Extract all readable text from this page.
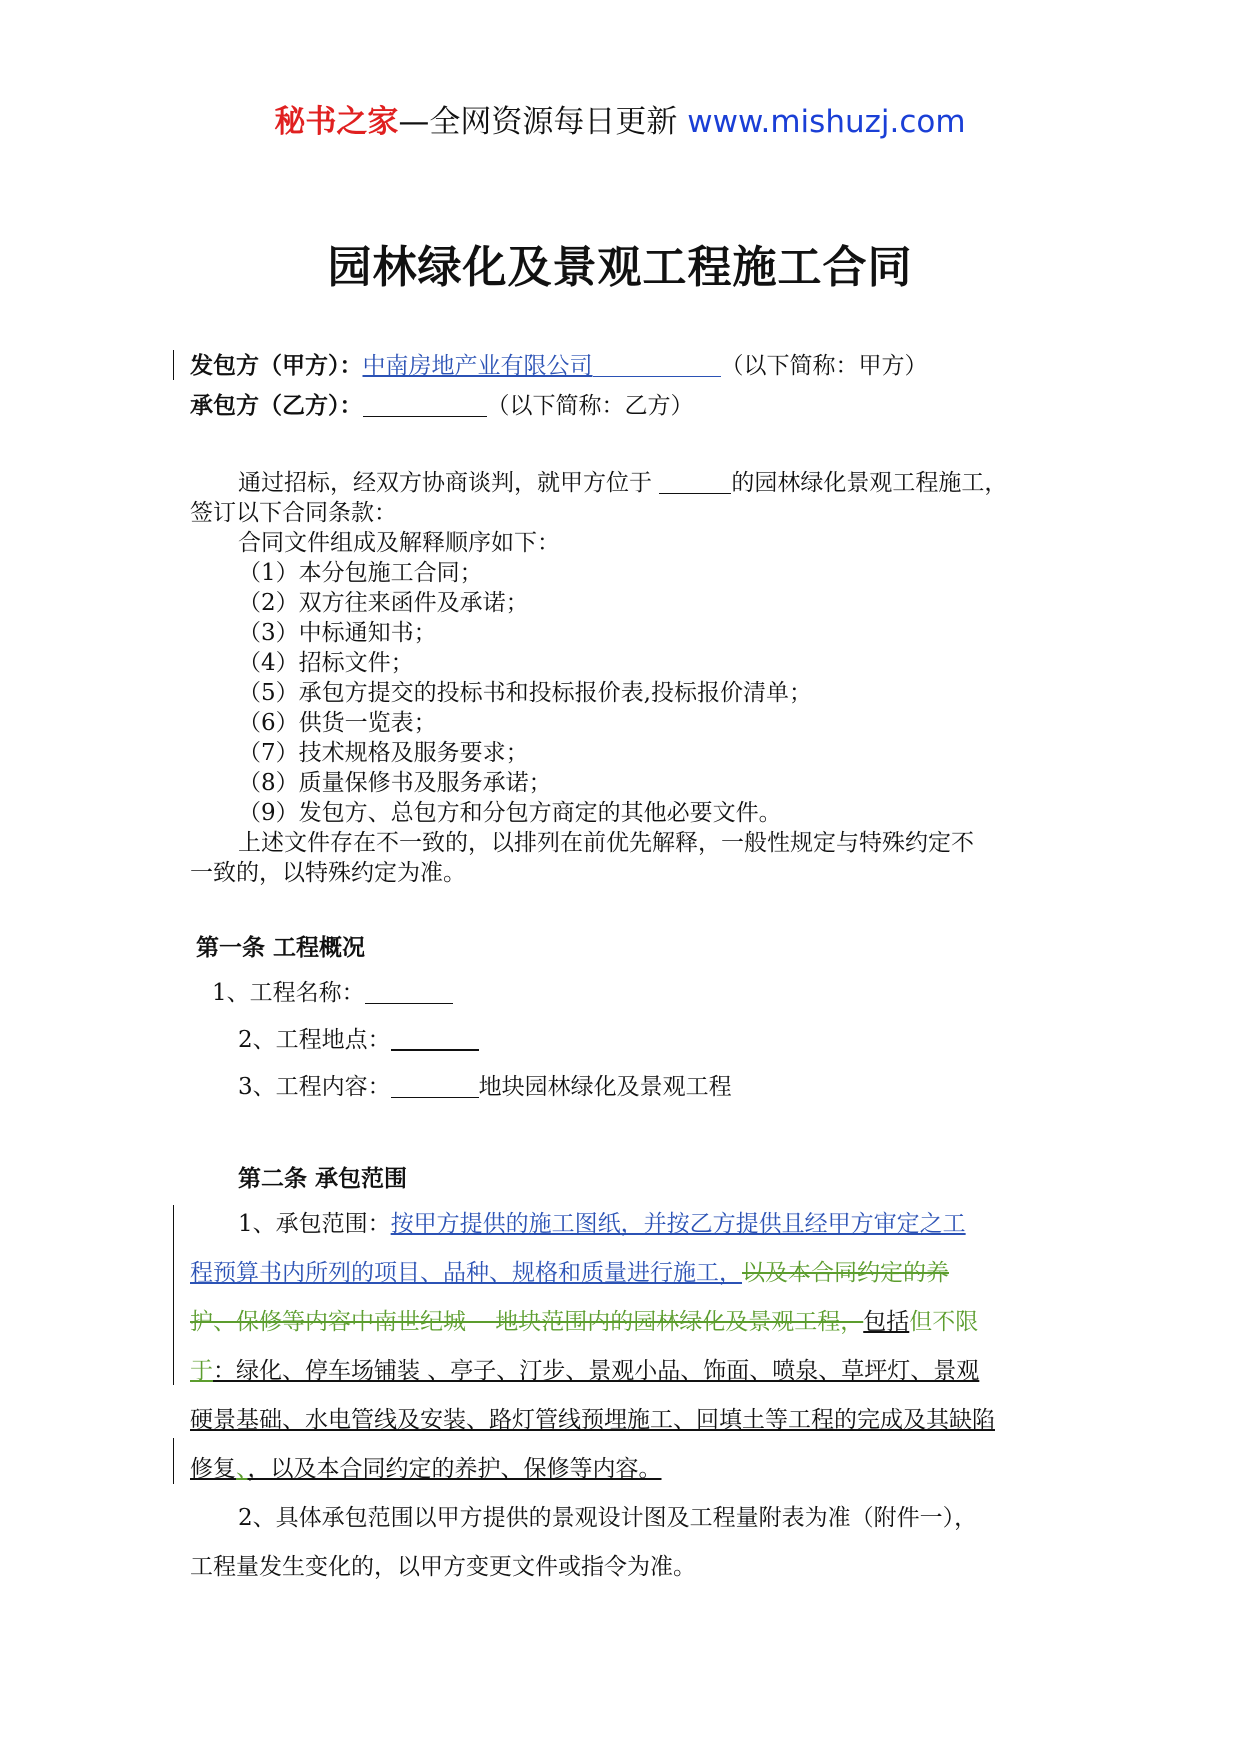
秘书之家—全网资源每日更新 www.mishuzj.com
园林绿化及景观工程施工合同
发包方（甲方）：中南房地产业有限公司	（以下简称：甲方）
承包方（乙方）：	（以下简称：乙方）
通过招标，经双方协商谈判，就甲方位于	的园林绿化景观工程施工，
签订以下合同条款：
合同文件组成及解释顺序如下：
（1）本分包施工合同；
（2）双方往来函件及承诺；
（3）中标通知书；
（4）招标文件；
（5）承包方提交的投标书和投标报价表,投标报价清单；
（6）供货一览表；
（7）技术规格及服务要求；
（8）质量保修书及服务承诺；
（9）发包方、总包方和分包方商定的其他必要文件。
上述文件存在不一致的，以排列在前优先解释，一般性规定与特殊约定不
一致的，以特殊约定为准。
第一条 工程概况
1、工程名称：
2、工程地点：
3、工程内容：	地块园林绿化及景观工程
第二条 承包范围
1、承包范围：按甲方提供的施工图纸，并按乙方提供且经甲方审定之工
程预算书内所列的项目、品种、规格和质量进行施工，以及本合同约定的养
护、保修等内容中南世纪城    地块范围内的园林绿化及景观工程，包括但不限
于：绿化、停车场铺装 、亭子、汀步、景观小品、饰面、喷泉、草坪灯、景观
硬景基础、水电管线及安装、路灯管线预埋施工、回填土等工程的完成及其缺陷
修复、，以及本合同约定的养护、保修等内容。
2、具体承包范围以甲方提供的景观设计图及工程量附表为准（附件一），
工程量发生变化的，以甲方变更文件或指令为准。
